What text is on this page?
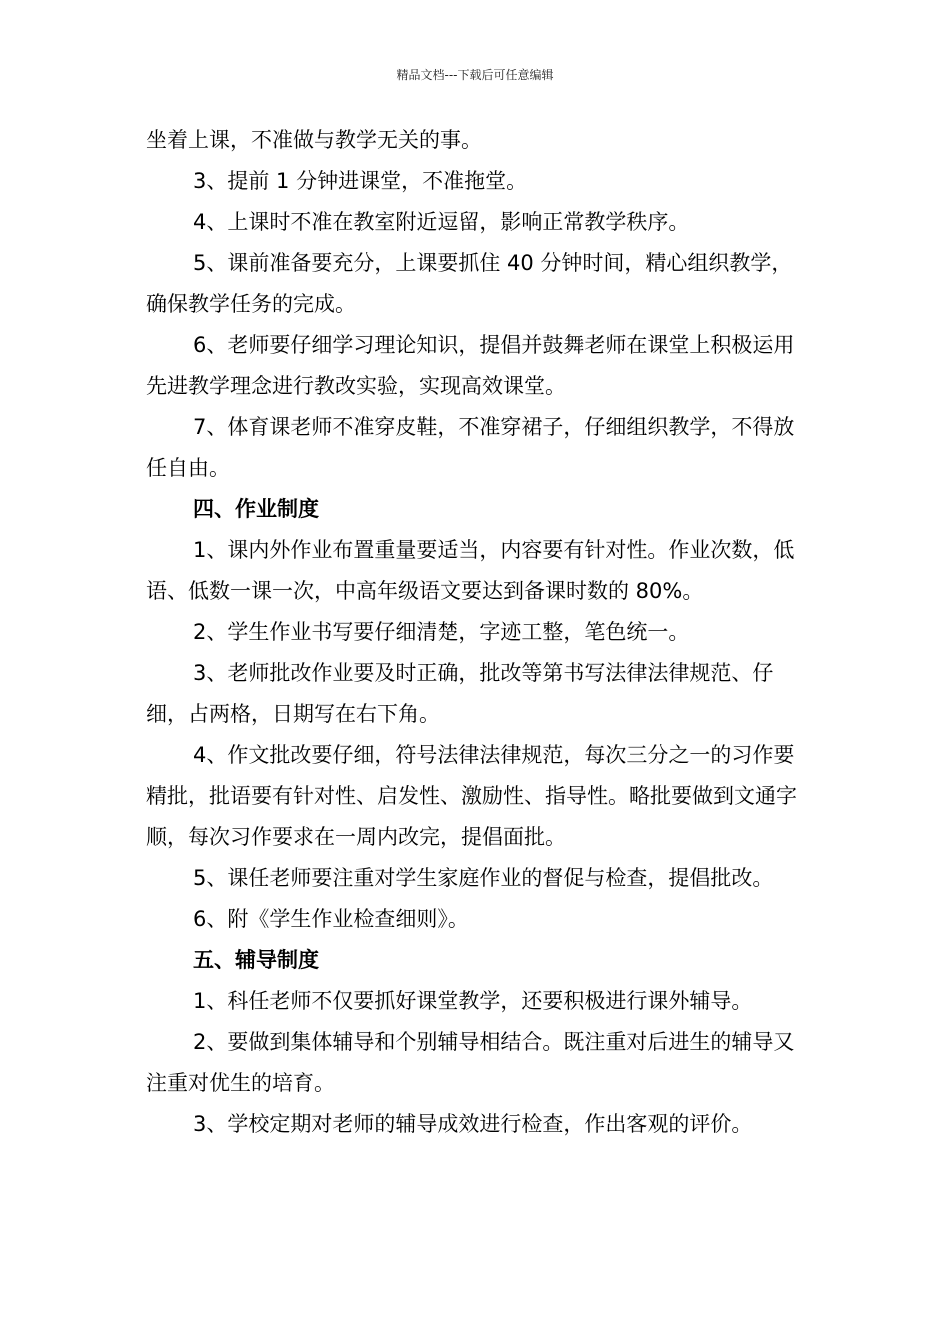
精品文档---下载后可任意编辑

坐着上课，不准做与教学无关的事。

3、提前 1 分钟进课堂，不准拖堂。

4、上课时不准在教室附近逗留，影响正常教学秩序。

5、课前准备要充分，上课要抓住 40 分钟时间，精心组织教学，确保教学任务的完成。

6、老师要仔细学习理论知识，提倡并鼓舞老师在课堂上积极运用先进教学理念进行教改实验，实现高效课堂。

7、体育课老师不准穿皮鞋，不准穿裙子，仔细组织教学，不得放任自由。

四、作业制度

1、课内外作业布置重量要适当，内容要有针对性。作业次数，低语、低数一课一次，中高年级语文要达到备课时数的 80%。

2、学生作业书写要仔细清楚，字迹工整，笔色统一。

3、老师批改作业要及时正确，批改等第书写法律法律规范、仔细，占两格，日期写在右下角。

4、作文批改要仔细，符号法律法律规范，每次三分之一的习作要精批，批语要有针对性、启发性、激励性、指导性。略批要做到文通字顺，每次习作要求在一周内改完，提倡面批。

5、课任老师要注重对学生家庭作业的督促与检查，提倡批改。

6、附《学生作业检查细则》。

五、辅导制度

1、科任老师不仅要抓好课堂教学，还要积极进行课外辅导。

2、要做到集体辅导和个别辅导相结合。既注重对后进生的辅导又注重对优生的培育。

3、学校定期对老师的辅导成效进行检查，作出客观的评价。
